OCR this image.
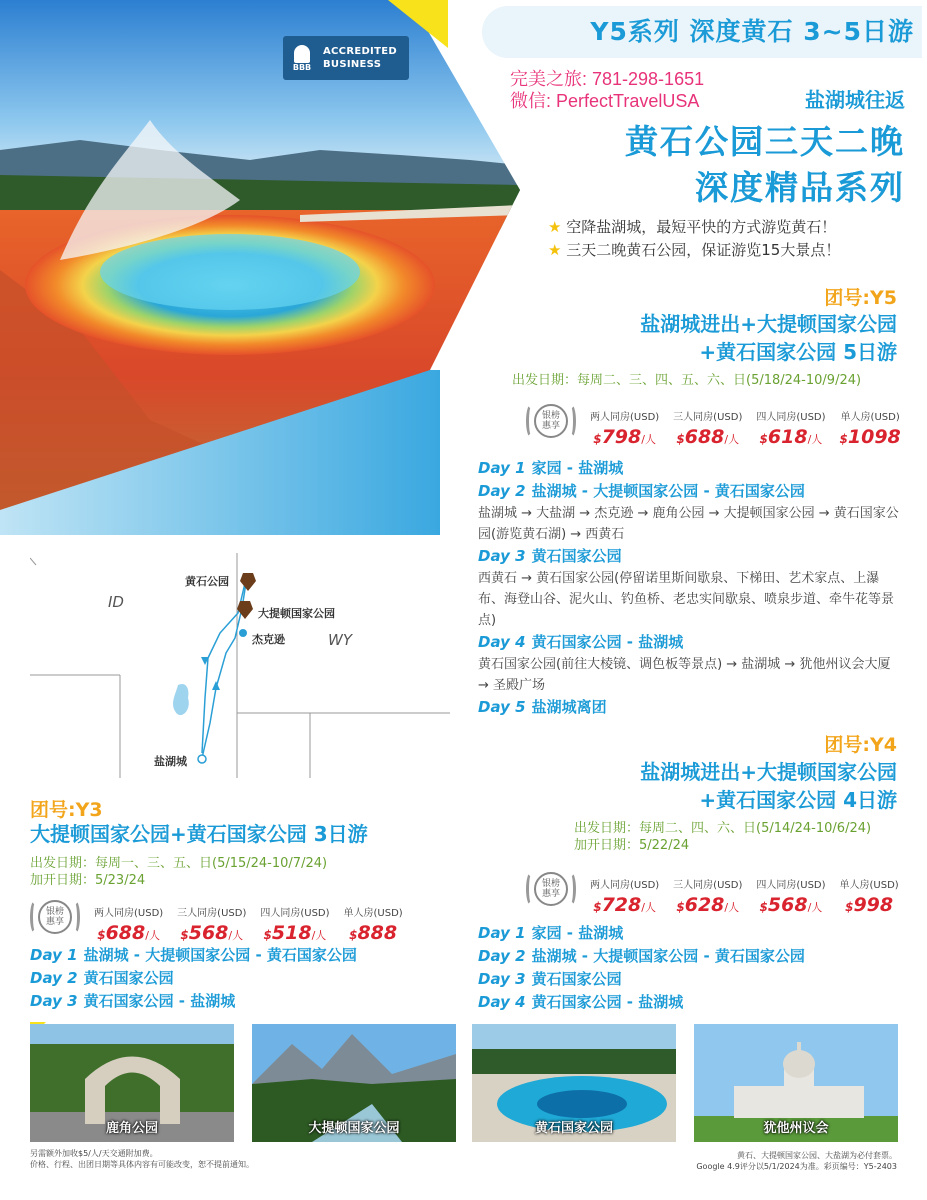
BBB
ACCREDITED
BUSINESS
Y5系列 深度黄石 3~5日游
完美之旅: 781-298-1651
微信: PerfectTravelUSA	盐湖城往返
黄石公园三天二晚
深度精品系列
★ 空降盐湖城，最短平快的方式游览黄石！
★ 三天二晚黄石公园，保证游览15大景点！
团号:Y5
盐湖城进出+大提顿国家公园
+黄石国家公园 5日游
出发日期：每周二、三、四、五、六、日(5/18/24-10/9/24)
银榜
惠享
两人同房(USD)
$798/人
三人同房(USD)
$688/人
四人同房(USD)
$618/人
单人房(USD)
$1098
Day 1 家园 - 盐湖城
Day 2 盐湖城 - 大提顿国家公园 - 黄石国家公园
盐湖城 → 大盐湖 → 杰克逊 → 鹿角公园 → 大提顿国家公园 → 黄石国家公园(游览黄石湖) → 西黄石
Day 3 黄石国家公园
西黄石 → 黄石国家公园(停留诺里斯间歇泉、下梯田、艺术家点、上瀑布、海登山谷、泥火山、钓鱼桥、老忠实间歇泉、喷泉步道、牵牛花等景点)
Day 4 黄石国家公园 - 盐湖城
黄石国家公园(前往大棱镜、调色板等景点) → 盐湖城 → 犹他州议会大厦 → 圣殿广场
Day 5 盐湖城离团
黄石公园
大提顿国家公园
杰克逊
盐湖城
ID
WY
团号:Y3
大提顿国家公园+黄石国家公园 3日游
出发日期：每周一、三、五、日(5/15/24-10/7/24)
加开日期：5/23/24
银榜
惠享
两人同房(USD)
$688/人
三人同房(USD)
$568/人
四人同房(USD)
$518/人
单人房(USD)
$888
Day 1 盐湖城 - 大提顿国家公园 - 黄石国家公园
Day 2 黄石国家公园
Day 3 黄石国家公园 - 盐湖城
团号:Y4
盐湖城进出+大提顿国家公园
+黄石国家公园 4日游
出发日期：每周二、四、六、日(5/14/24-10/6/24)
加开日期：5/22/24
银榜
惠享
两人同房(USD)
$728/人
三人同房(USD)
$628/人
四人同房(USD)
$568/人
单人房(USD)
$998
Day 1 家园 - 盐湖城
Day 2 盐湖城 - 大提顿国家公园 - 黄石国家公园
Day 3 黄石国家公园
Day 4 黄石国家公园 - 盐湖城
鹿角公园	大提顿国家公园	黄石国家公园	犹他州议会
另需额外加收$5/人/天交通附加费。
价格、行程、出团日期等具体内容有可能改变，恕不提前通知。
黄石、大提顿国家公园、大盐湖为必付套票。
Google 4.9评分以5/1/2024为准。彩页编号：Y5-2403
